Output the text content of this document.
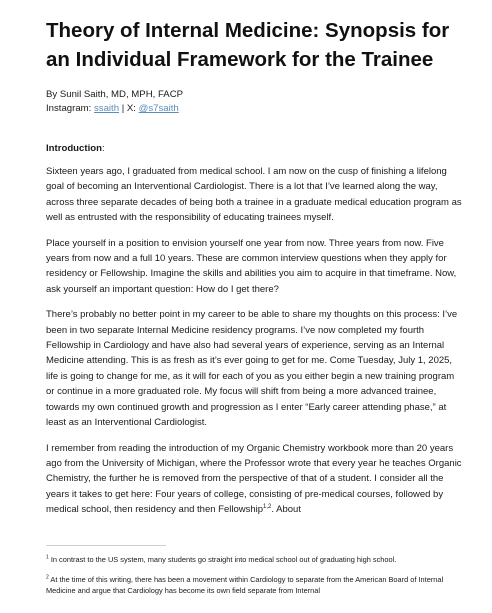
Theory of Internal Medicine: Synopsis for an Individual Framework for the Trainee
By Sunil Saith, MD, MPH, FACP
Instagram: ssaith | X: @s7saith
Introduction:

Sixteen years ago, I graduated from medical school. I am now on the cusp of finishing a lifelong goal of becoming an Interventional Cardiologist. There is a lot that I’ve learned along the way, across three separate decades of being both a trainee in a graduate medical education program as well as entrusted with the responsibility of educating trainees myself.

Place yourself in a position to envision yourself one year from now. Three years from now. Five years from now and a full 10 years. These are common interview questions when they apply for residency or Fellowship. Imagine the skills and abilities you aim to acquire in that timeframe. Now, ask yourself an important question: How do I get there?

There’s probably no better point in my career to be able to share my thoughts on this process: I’ve been in two separate Internal Medicine residency programs. I’ve now completed my fourth Fellowship in Cardiology and have also had several years of experience, serving as an Internal Medicine attending. This is as fresh as it’s ever going to get for me. Come Tuesday, July 1, 2025, life is going to change for me, as it will for each of you as you either begin a new training program or continue in a more graduated role. My focus will shift from being a more advanced trainee, towards my own continued growth and progression as I enter “Early career attending phase,” at least as an Interventional Cardiologist.

I remember from reading the introduction of my Organic Chemistry workbook more than 20 years ago from the University of Michigan, where the Professor wrote that every year he teaches Organic Chemistry, the further he is removed from the perspective of that of a student. I consider all the years it takes to get here: Four years of college, consisting of pre-medical courses, followed by medical school, then residency and then Fellowship$^{1,2}$. About

$^1$ In contrast to the US system, many students go straight into medical school out of graduating high school.

$^2$ At the time of this writing, there has been a movement within Cardiology to separate from the American Board of Internal Medicine and argue that Cardiology has become its own field separate from Internal
